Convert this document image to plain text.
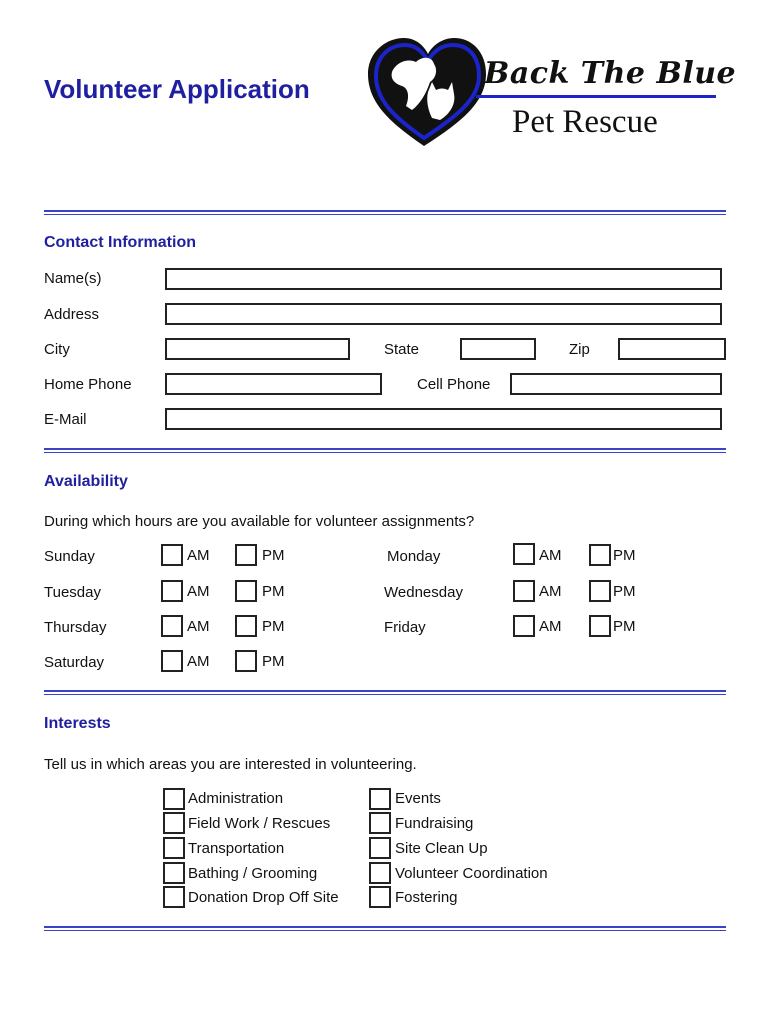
Volunteer Application	Back The Blue
Pet Rescue
Contact Information
Name(s)
Address
City	State	Zip
Home Phone	Cell Phone
E-Mail
Availability
During which hours are you available for volunteer assignments?
Sunday	AM	PM	Monday	AM	PM
Tuesday	AM	PM	Wednesday	AM	PM
Thursday	AM	PM	Friday	AM	PM
Saturday	AM	PM
Interests
Tell us in which areas you are interested in volunteering.
Administration
Field Work / Rescues
Transportation
Bathing / Grooming
Donation Drop Off Site
Events
Fundraising
Site Clean Up
Volunteer Coordination
Fostering
